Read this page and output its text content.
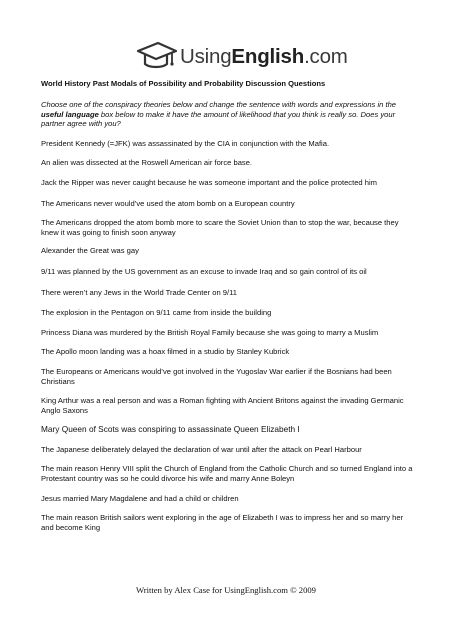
UsingEnglish.com

World History Past Modals of Possibility and Probability Discussion Questions

Choose one of the conspiracy theories below and change the sentence with words and expressions in the useful language box below to make it have the amount of likelihood that you think is really so. Does your partner agree with you?

President Kennedy (=JFK) was assassinated by the CIA in conjunction with the Mafia.

An alien was dissected at the Roswell American air force base.

Jack the Ripper was never caught because he was someone important and the police protected him

The Americans never would’ve used the atom bomb on a European country

The Americans dropped the atom bomb more to scare the Soviet Union than to stop the war, because they knew it was going to finish soon anyway

Alexander the Great was gay

9/11 was planned by the US government as an excuse to invade Iraq and so gain control of its oil

There weren’t any Jews in the World Trade Center on 9/11

The explosion in the Pentagon on 9/11 came from inside the building

Princess Diana was murdered by the British Royal Family because she was going to marry a Muslim

The Apollo moon landing was a hoax filmed in a studio by Stanley Kubrick

The Europeans or Americans would’ve got involved in the Yugoslav War earlier if the Bosnians had been Christians

King Arthur was a real person and was a Roman fighting with Ancient Britons against the invading Germanic Anglo Saxons

Mary Queen of Scots was conspiring to assassinate Queen Elizabeth I

The Japanese deliberately delayed the declaration of war until after the attack on Pearl Harbour

The main reason Henry VIII split the Church of England from the Catholic Church and so turned England into a Protestant country was so he could divorce his wife and marry Anne Boleyn

Jesus married Mary Magdalene and had a child or children

The main reason British sailors went exploring in the age of Elizabeth I was to impress her and so marry her and become King

Written by Alex Case for UsingEnglish.com © 2009
